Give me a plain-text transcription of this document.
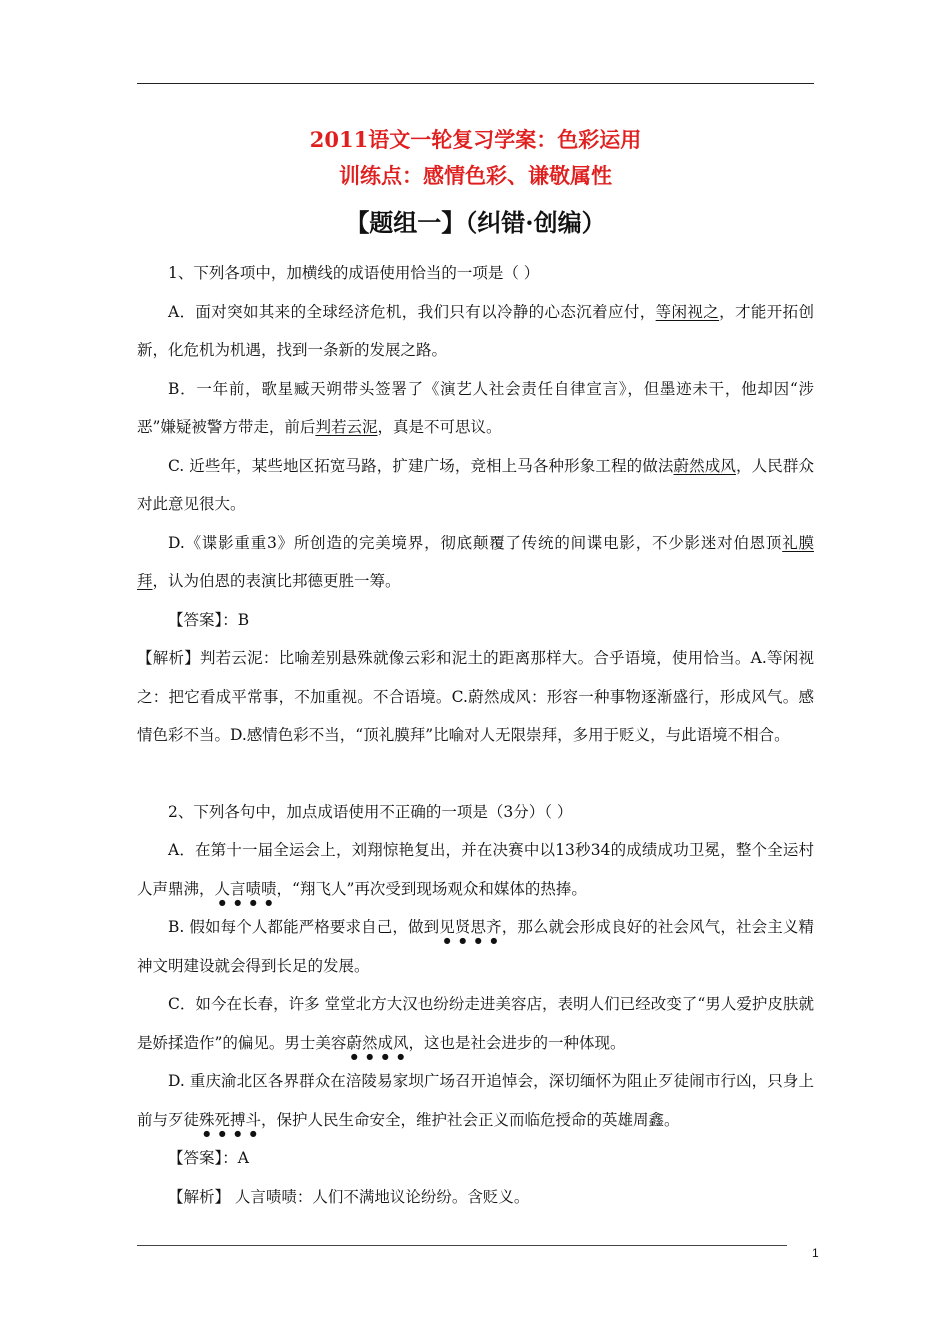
2011语文一轮复习学案：色彩运用
训练点：感情色彩、谦敬属性
【题组一】（纠错·创编）

1、下列各项中，加横线的成语使用恰当的一项是（ ）

A．面对突如其来的全球经济危机，我们只有以冷静的心态沉着应付，等闲视之，才能开拓创新，化危机为机遇，找到一条新的发展之路。

B．一年前，歌星臧天朔带头签署了《演艺人社会责任自律宣言》，但墨迹未干，他却因“涉恶”嫌疑被警方带走，前后判若云泥，真是不可思议。

C. 近些年，某些地区拓宽马路，扩建广场，竞相上马各种形象工程的做法蔚然成风，人民群众对此意见很大。

D.《谍影重重3》所创造的完美境界，彻底颠覆了传统的间谍电影，不少影迷对伯恩顶礼膜拜，认为伯恩的表演比邦德更胜一筹。

【答案】：B

【解析】判若云泥：比喻差别悬殊就像云彩和泥土的距离那样大。合乎语境，使用恰当。A.等闲视之：把它看成平常事，不加重视。不合语境。C.蔚然成风：形容一种事物逐渐盛行，形成风气。感情色彩不当。D.感情色彩不当，“顶礼膜拜”比喻对人无限崇拜，多用于贬义，与此语境不相合。

2、下列各句中，加点成语使用不正确的一项是（3分）（ ）

A．在第十一届全运会上，刘翔惊艳复出，并在决赛中以13秒34的成绩成功卫冕，整个全运村人声鼎沸，人言啧啧，“翔飞人”再次受到现场观众和媒体的热捧。

B. 假如每个人都能严格要求自己，做到见贤思齐，那么就会形成良好的社会风气，社会主义精神文明建设就会得到长足的发展。

C．如今在长春，许多 堂堂北方大汉也纷纷走进美容店，表明人们已经改变了“男人爱护皮肤就是娇揉造作”的偏见。男士美容蔚然成风，这也是社会进步的一种体现。

D. 重庆渝北区各界群众在涪陵易家坝广场召开追悼会，深切缅怀为阻止歹徒闹市行凶，只身上前与歹徒殊死搏斗，保护人民生命安全，维护社会正义而临危授命的英雄周鑫。

【答案】：A

【解析】 人言啧啧：人们不满地议论纷纷。含贬义。

1
